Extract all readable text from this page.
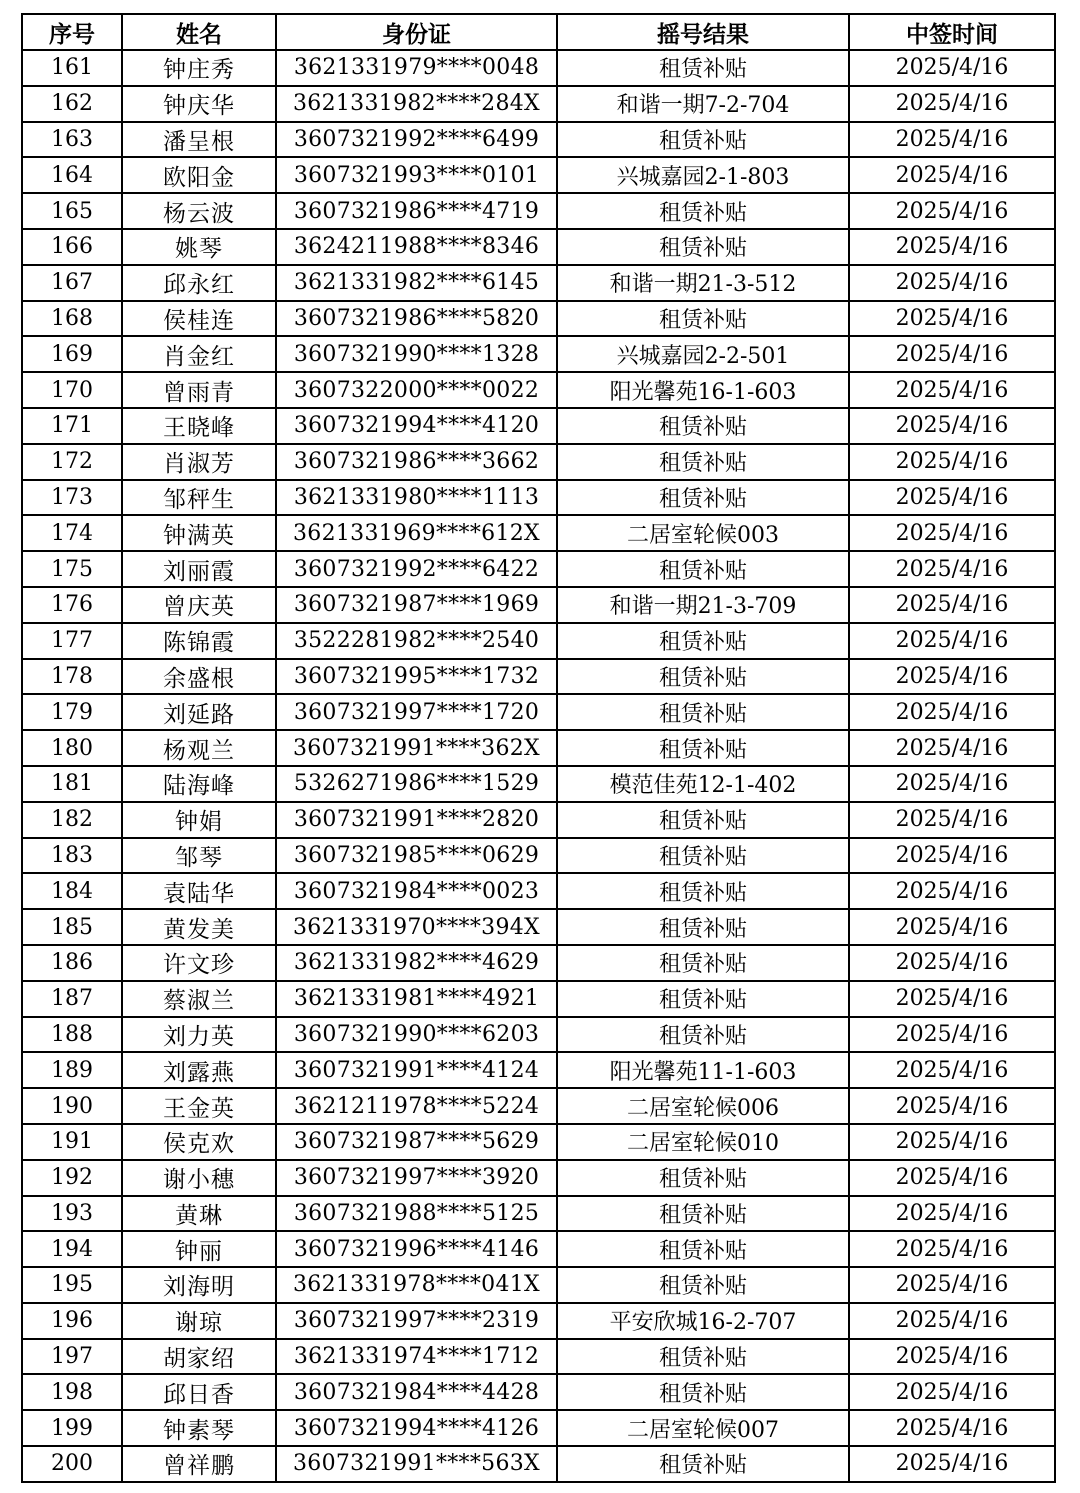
序号	姓名	身份证	摇号结果	中签时间
161	钟庄秀	3621331979****0048	租赁补贴	2025/4/16
162	钟庆华	3621331982****284X	和谐一期7-2-704	2025/4/16
163	潘呈根	3607321992****6499	租赁补贴	2025/4/16
164	欧阳金	3607321993****0101	兴城嘉园2-1-803	2025/4/16
165	杨云波	3607321986****4719	租赁补贴	2025/4/16
166	姚琴	3624211988****8346	租赁补贴	2025/4/16
167	邱永红	3621331982****6145	和谐一期21-3-512	2025/4/16
168	侯桂连	3607321986****5820	租赁补贴	2025/4/16
169	肖金红	3607321990****1328	兴城嘉园2-2-501	2025/4/16
170	曾雨青	3607322000****0022	阳光馨苑16-1-603	2025/4/16
171	王晓峰	3607321994****4120	租赁补贴	2025/4/16
172	肖淑芳	3607321986****3662	租赁补贴	2025/4/16
173	邹秤生	3621331980****1113	租赁补贴	2025/4/16
174	钟满英	3621331969****612X	二居室轮候003	2025/4/16
175	刘丽霞	3607321992****6422	租赁补贴	2025/4/16
176	曾庆英	3607321987****1969	和谐一期21-3-709	2025/4/16
177	陈锦霞	3522281982****2540	租赁补贴	2025/4/16
178	余盛根	3607321995****1732	租赁补贴	2025/4/16
179	刘延路	3607321997****1720	租赁补贴	2025/4/16
180	杨观兰	3607321991****362X	租赁补贴	2025/4/16
181	陆海峰	5326271986****1529	模范佳苑12-1-402	2025/4/16
182	钟娟	3607321991****2820	租赁补贴	2025/4/16
183	邹琴	3607321985****0629	租赁补贴	2025/4/16
184	袁陆华	3607321984****0023	租赁补贴	2025/4/16
185	黄发美	3621331970****394X	租赁补贴	2025/4/16
186	许文珍	3621331982****4629	租赁补贴	2025/4/16
187	蔡淑兰	3621331981****4921	租赁补贴	2025/4/16
188	刘力英	3607321990****6203	租赁补贴	2025/4/16
189	刘露燕	3607321991****4124	阳光馨苑11-1-603	2025/4/16
190	王金英	3621211978****5224	二居室轮候006	2025/4/16
191	侯克欢	3607321987****5629	二居室轮候010	2025/4/16
192	谢小穗	3607321997****3920	租赁补贴	2025/4/16
193	黄琳	3607321988****5125	租赁补贴	2025/4/16
194	钟丽	3607321996****4146	租赁补贴	2025/4/16
195	刘海明	3621331978****041X	租赁补贴	2025/4/16
196	谢琼	3607321997****2319	平安欣城16-2-707	2025/4/16
197	胡家绍	3621331974****1712	租赁补贴	2025/4/16
198	邱日香	3607321984****4428	租赁补贴	2025/4/16
199	钟素琴	3607321994****4126	二居室轮候007	2025/4/16
200	曾祥鹏	3607321991****563X	租赁补贴	2025/4/16
